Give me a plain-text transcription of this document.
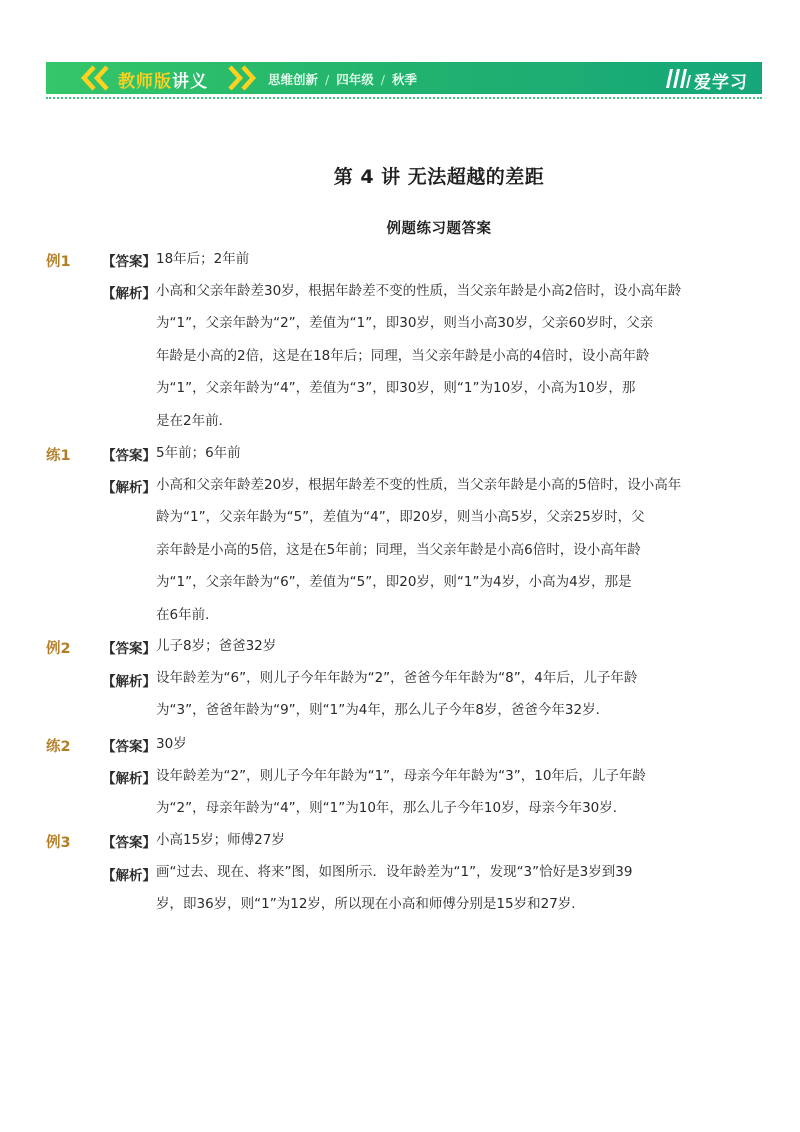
教师版讲义	思维创新 / 四年级 / 秋季	爱学习
第 4 讲 无法超越的差距
例题练习题答案
例1 【答案】 18年后；2年前
【解析】 小高和父亲年龄差30岁，根据年龄差不变的性质，当父亲年龄是小高2倍时，设小高年龄

为“1”，父亲年龄为“2”，差值为“1”，即30岁，则当小高30岁，父亲60岁时，父亲

年龄是小高的2倍，这是在18年后；同理，当父亲年龄是小高的4倍时，设小高年龄

为“1”，父亲年龄为“4”，差值为“3”，即30岁，则“1”为10岁，小高为10岁，那

是在2年前．

练1 【答案】 5年前；6年前
【解析】 小高和父亲年龄差20岁，根据年龄差不变的性质，当父亲年龄是小高的5倍时，设小高年

龄为“1”，父亲年龄为“5”，差值为“4”，即20岁，则当小高5岁，父亲25岁时，父

亲年龄是小高的5倍，这是在5年前；同理，当父亲年龄是小高6倍时，设小高年龄

为“1”，父亲年龄为“6”，差值为“5”，即20岁，则“1”为4岁，小高为4岁，那是

在6年前．

例2 【答案】 儿子8岁；爸爸32岁
【解析】 设年龄差为“6”，则儿子今年年龄为“2”，爸爸今年年龄为“8”，4年后，儿子年龄

为“3”，爸爸年龄为“9”，则“1”为4年，那么儿子今年8岁，爸爸今年32岁．

练2 【答案】 30岁
【解析】 设年龄差为“2”，则儿子今年年龄为“1”，母亲今年年龄为“3”，10年后，儿子年龄

为“2”，母亲年龄为“4”，则“1”为10年，那么儿子今年10岁，母亲今年30岁．

例3 【答案】 小高15岁；师傅27岁
【解析】 画“过去、现在、将来”图，如图所示．设年龄差为“1”，发现“3”恰好是3岁到39

岁，即36岁，则“1”为12岁，所以现在小高和师傅分别是15岁和27岁．
